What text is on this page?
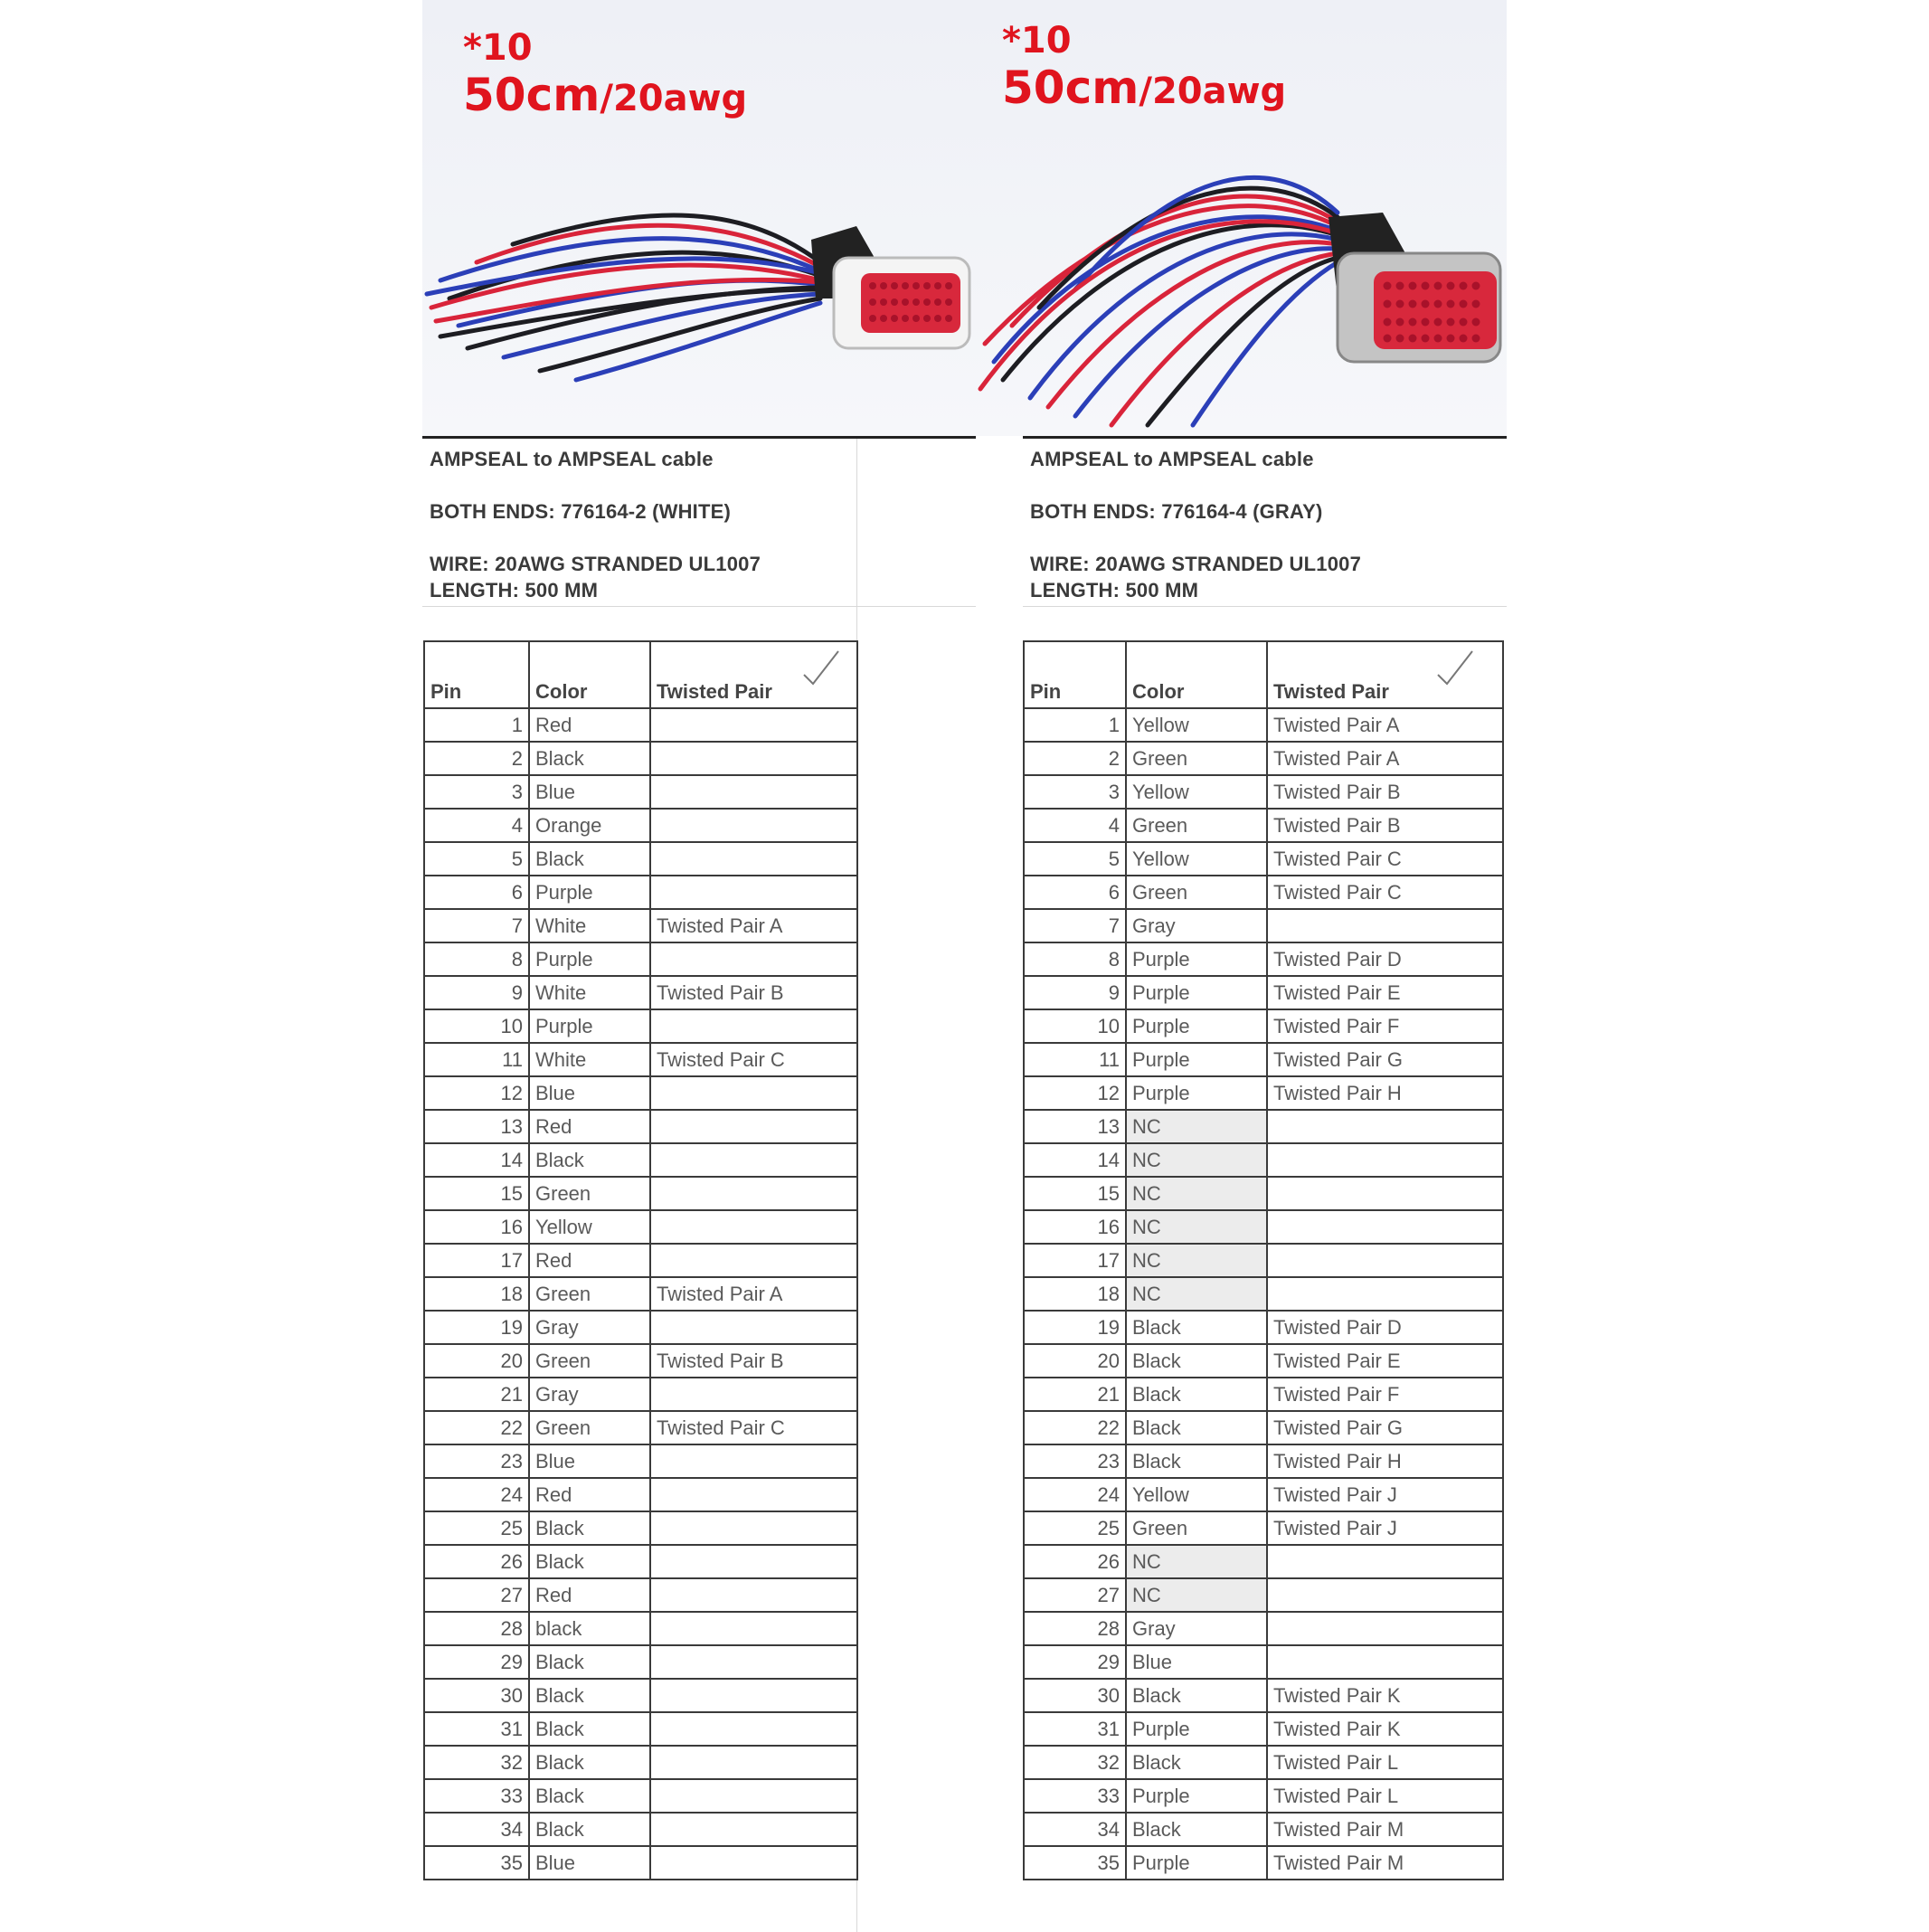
*10
50cm/20awg
*10
50cm/20awg
AMPSEAL to AMPSEAL cable
BOTH ENDS: 776164-2 (WHITE)
WIRE: 20AWG STRANDED UL1007
LENGTH: 500 MM
Pin	Color	Twisted Pair
1	Red	
2	Black	
3	Blue	
4	Orange	
5	Black	
6	Purple	
7	White	Twisted Pair A
8	Purple	
9	White	Twisted Pair B
10	Purple	
11	White	Twisted Pair C
12	Blue	
13	Red	
14	Black	
15	Green	
16	Yellow	
17	Red	
18	Green	Twisted Pair A
19	Gray	
20	Green	Twisted Pair B
21	Gray	
22	Green	Twisted Pair C
23	Blue	
24	Red	
25	Black	
26	Black	
27	Red	
28	black	
29	Black	
30	Black	
31	Black	
32	Black	
33	Black	
34	Black	
35	Blue	
AMPSEAL to AMPSEAL cable
BOTH ENDS: 776164-4 (GRAY)
WIRE: 20AWG STRANDED UL1007
LENGTH: 500 MM
Pin	Color	Twisted Pair
1	Yellow	Twisted Pair A
2	Green	Twisted Pair A
3	Yellow	Twisted Pair B
4	Green	Twisted Pair B
5	Yellow	Twisted Pair C
6	Green	Twisted Pair C
7	Gray	
8	Purple	Twisted Pair D
9	Purple	Twisted Pair E
10	Purple	Twisted Pair F
11	Purple	Twisted Pair G
12	Purple	Twisted Pair H
13	NC	
14	NC	
15	NC	
16	NC	
17	NC	
18	NC	
19	Black	Twisted Pair D
20	Black	Twisted Pair E
21	Black	Twisted Pair F
22	Black	Twisted Pair G
23	Black	Twisted Pair H
24	Yellow	Twisted Pair J
25	Green	Twisted Pair J
26	NC	
27	NC	
28	Gray	
29	Blue	
30	Black	Twisted Pair K
31	Purple	Twisted Pair K
32	Black	Twisted Pair L
33	Purple	Twisted Pair L
34	Black	Twisted Pair M
35	Purple	Twisted Pair M
